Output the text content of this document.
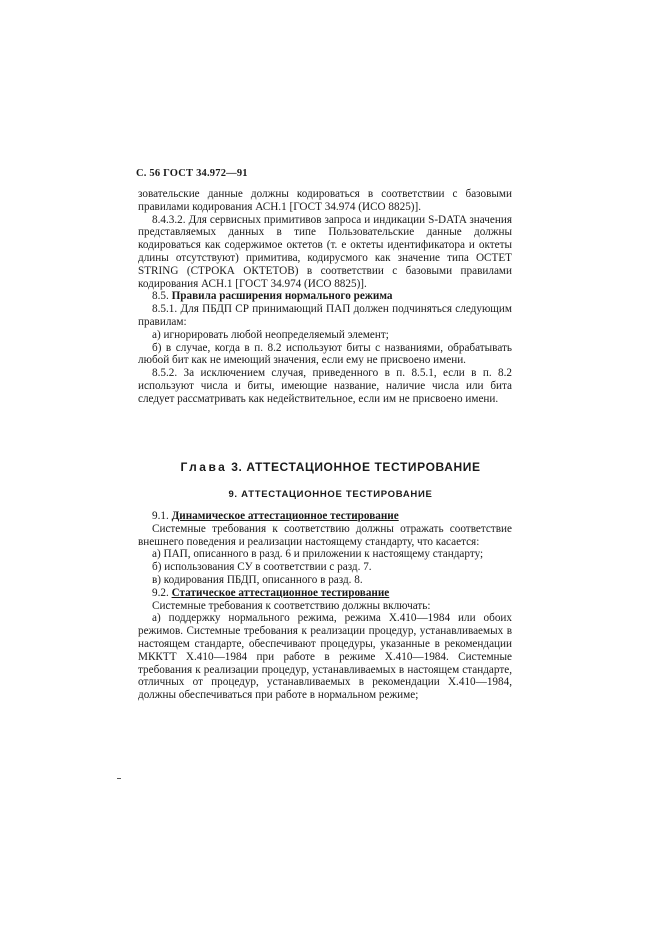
С. 56 ГОСТ 34.972—91

зовательские данные должны кодироваться в соответствии с базовыми правилами кодирования АСН.1 [ГОСТ 34.974 (ИСО 8825)].

8.4.3.2. Для сервисных примитивов запроса и индикации S-DATA значения представляемых данных в типе Пользовательские данные должны кодироваться как содержимое октетов (т. е октеты идентификатора и октеты длины отсутствуют) примитива, кодирусмого как значение типа OCTET STRING (СТРОКА ОКТЕТОВ) в соответствии с базовыми правилами кодирования АСН.1 [ГОСТ 34.974 (ИСО 8825)].

8.5. Правила расширения нормального режима

8.5.1. Для ПБДП СР принимающий ПАП должен подчиняться следующим правилам:

а) игнорировать любой неопределяемый элемент;

б) в случае, когда в п. 8.2 используют биты с названиями, обрабатывать любой бит как не имеющий значения, если ему не присвоено имени.

8.5.2. За исключением случая, приведенного в п. 8.5.1, если в п. 8.2 используют числа и биты, имеющие название, наличие числа или бита следует рассматривать как недействительное, если им не присвоено имени.

Глава 3. АТТЕСТАЦИОННОЕ ТЕСТИРОВАНИЕ
9. АТТЕСТАЦИОННОЕ ТЕСТИРОВАНИЕ

9.1. Динамическое аттестационное тестирование

Системные требования к соответствию должны отражать соответствие внешнего поведения и реализации настоящему стандарту, что касается:

а) ПАП, описанного в разд. 6 и приложении к настоящему стандарту;

б) использования СУ в соответствии с разд. 7.

в) кодирования ПБДП, описанного в разд. 8.

9.2. Статическое аттестационное тестирование

Системные требования к соответствию должны включать:

а) поддержку нормального режима, режима Х.410—1984 или обоих режимов. Системные требования к реализации процедур, устанавливаемых в настоящем стандарте, обеспечивают процедуры, указанные в рекомендации МККТТ Х.410—1984 при работе в режиме Х.410—1984. Системные требования к реализации процедур, устанавливаемых в настоящем стандарте, отличных от процедур, устанавливаемых в рекомендации Х.410—1984, должны обеспечиваться при работе в нормальном режиме;
